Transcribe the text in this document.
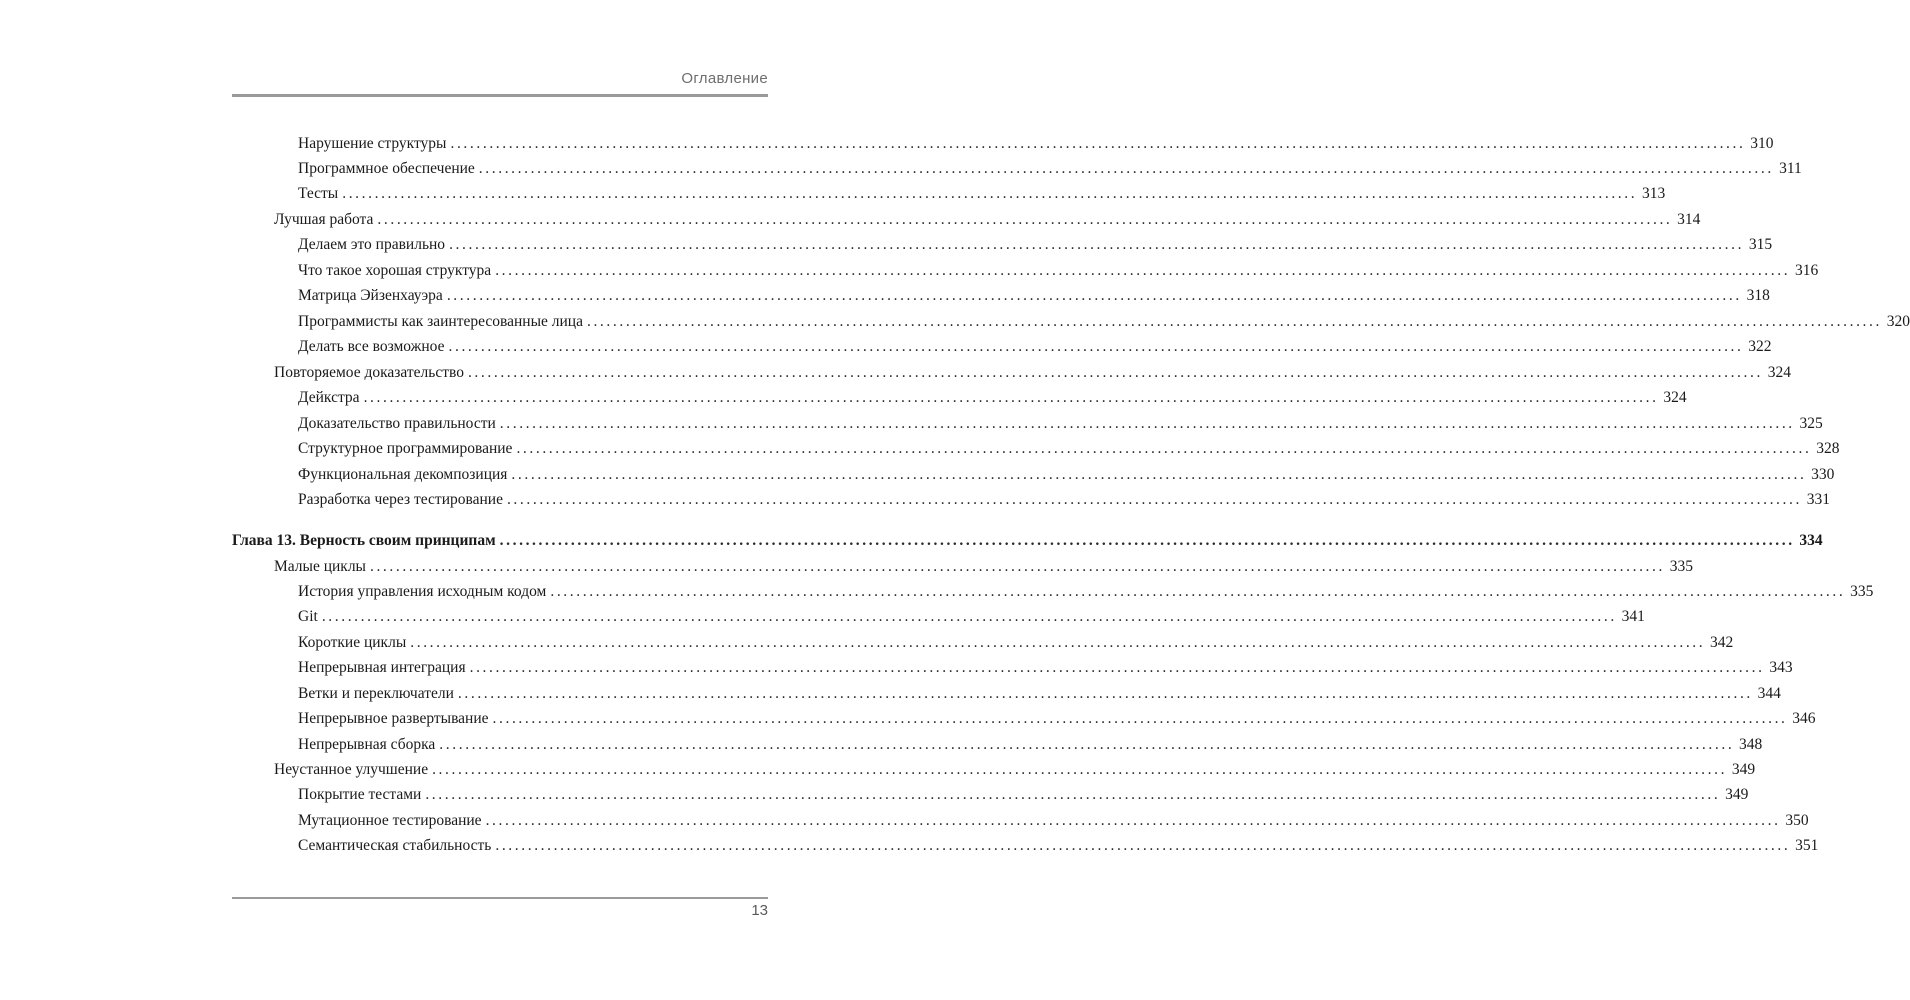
Оглавление
Нарушение структуры ........................................................................................................................................................................................................ 310
Программное обеспечение ........................................................................................................................................................................................................ 311
Тесты ........................................................................................................................................................................................................ 313
Лучшая работа ........................................................................................................................................................................................................ 314
Делаем это правильно ........................................................................................................................................................................................................ 315
Что такое хорошая структура ........................................................................................................................................................................................................ 316
Матрица Эйзенхауэра ........................................................................................................................................................................................................ 318
Программисты как заинтересованные лица ........................................................................................................................................................................................................ 320
Делать все возможное ........................................................................................................................................................................................................ 322
Повторяемое доказательство ........................................................................................................................................................................................................ 324
Дейкстра ........................................................................................................................................................................................................ 324
Доказательство правильности ........................................................................................................................................................................................................ 325
Структурное программирование ........................................................................................................................................................................................................ 328
Функциональная декомпозиция ........................................................................................................................................................................................................ 330
Разработка через тестирование ........................................................................................................................................................................................................ 331
Глава 13. Верность своим принципам ........................................................................................................................................................................................................ 334
Малые циклы ........................................................................................................................................................................................................ 335
История управления исходным кодом ........................................................................................................................................................................................................ 335
Git ........................................................................................................................................................................................................ 341
Короткие циклы ........................................................................................................................................................................................................ 342
Непрерывная интеграция ........................................................................................................................................................................................................ 343
Ветки и переключатели ........................................................................................................................................................................................................ 344
Непрерывное развертывание ........................................................................................................................................................................................................ 346
Непрерывная сборка ........................................................................................................................................................................................................ 348
Неустанное улучшение ........................................................................................................................................................................................................ 349
Покрытие тестами ........................................................................................................................................................................................................ 349
Мутационное тестирование ........................................................................................................................................................................................................ 350
Семантическая стабильность ........................................................................................................................................................................................................ 351
13
